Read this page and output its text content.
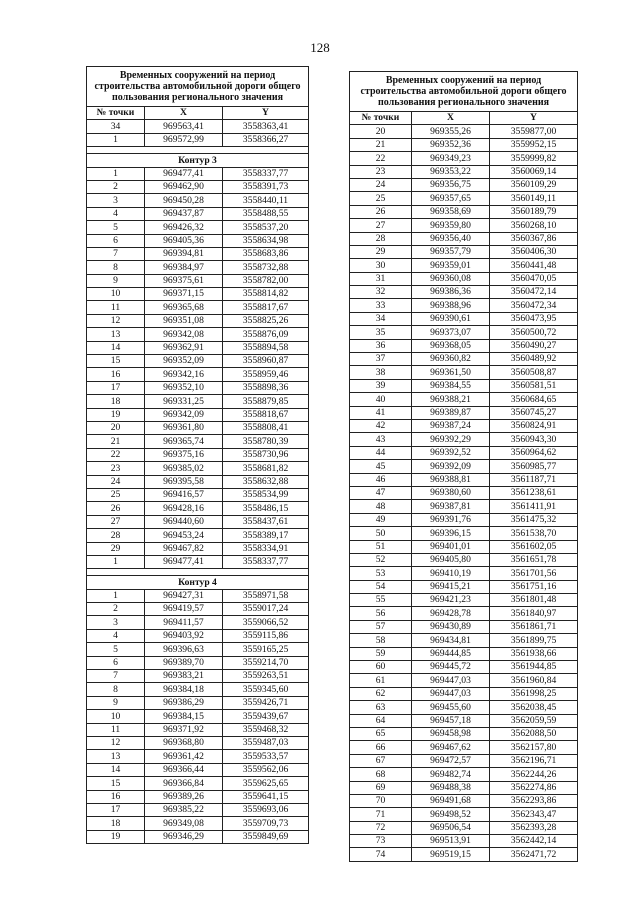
128
Временных сооружений на период строительства автомобильной дороги общего пользования регионального значения		
№ точки	X	Y
34	969563,41	3558363,41
1	969572,99	3558366,27

Контур 3		
1	969477,41	3558337,77
2	969462,90	3558391,73
3	969450,28	3558440,11
4	969437,87	3558488,55
5	969426,32	3558537,20
6	969405,36	3558634,98
7	969394,81	3558683,86
8	969384,97	3558732,88
9	969375,61	3558782,00
10	969371,15	3558814,82
11	969365,68	3558817,67
12	969351,08	3558825,26
13	969342,08	3558876,09
14	969362,91	3558894,58
15	969352,09	3558960,87
16	969342,16	3558959,46
17	969352,10	3558898,36
18	969331,25	3558879,85
19	969342,09	3558818,67
20	969361,80	3558808,41
21	969365,74	3558780,39
22	969375,16	3558730,96
23	969385,02	3558681,82
24	969395,58	3558632,88
25	969416,57	3558534,99
26	969428,16	3558486,15
27	969440,60	3558437,61
28	969453,24	3558389,17
29	969467,82	3558334,91
1	969477,41	3558337,77

Контур 4		
1	969427,31	3558971,58
2	969419,57	3559017,24
3	969411,57	3559066,52
4	969403,92	3559115,86
5	969396,63	3559165,25
6	969389,70	3559214,70
7	969383,21	3559263,51
8	969384,18	3559345,60
9	969386,29	3559426,71
10	969384,15	3559439,67
11	969371,92	3559468,32
12	969368,80	3559487,03
13	969361,42	3559533,57
14	969366,44	3559562,06
15	969366,84	3559625,65
16	969389,26	3559641,15
17	969385,22	3559693,06
18	969349,08	3559709,73
19	969346,29	3559849,69
Временных сооружений на период строительства автомобильной дороги общего пользования регионального значения		
№ точки	X	Y
20	969355,26	3559877,00
21	969352,36	3559952,15
22	969349,23	3559999,82
23	969353,22	3560069,14
24	969356,75	3560109,29
25	969357,65	3560149,11
26	969358,69	3560189,79
27	969359,80	3560268,10
28	969356,40	3560367,86
29	969357,79	3560406,30
30	969359,01	3560441,48
31	969360,08	3560470,05
32	969386,36	3560472,14
33	969388,96	3560472,34
34	969390,61	3560473,95
35	969373,07	3560500,72
36	969368,05	3560490,27
37	969360,82	3560489,92
38	969361,50	3560508,87
39	969384,55	3560581,51
40	969388,21	3560684,65
41	969389,87	3560745,27
42	969387,24	3560824,91
43	969392,29	3560943,30
44	969392,52	3560964,62
45	969392,09	3560985,77
46	969388,81	3561187,71
47	969380,60	3561238,61
48	969387,81	3561411,91
49	969391,76	3561475,32
50	969396,15	3561538,70
51	969401,01	3561602,05
52	969405,80	3561651,78
53	969410,19	3561701,56
54	969415,21	3561751,16
55	969421,23	3561801,48
56	969428,78	3561840,97
57	969430,89	3561861,71
58	969434,81	3561899,75
59	969444,85	3561938,66
60	969445,72	3561944,85
61	969447,03	3561960,84
62	969447,03	3561998,25
63	969455,60	3562038,45
64	969457,18	3562059,59
65	969458,98	3562088,50
66	969467,62	3562157,80
67	969472,57	3562196,71
68	969482,74	3562244,26
69	969488,38	3562274,86
70	969491,68	3562293,86
71	969498,52	3562343,47
72	969506,54	3562393,28
73	969513,91	3562442,14
74	969519,15	3562471,72
